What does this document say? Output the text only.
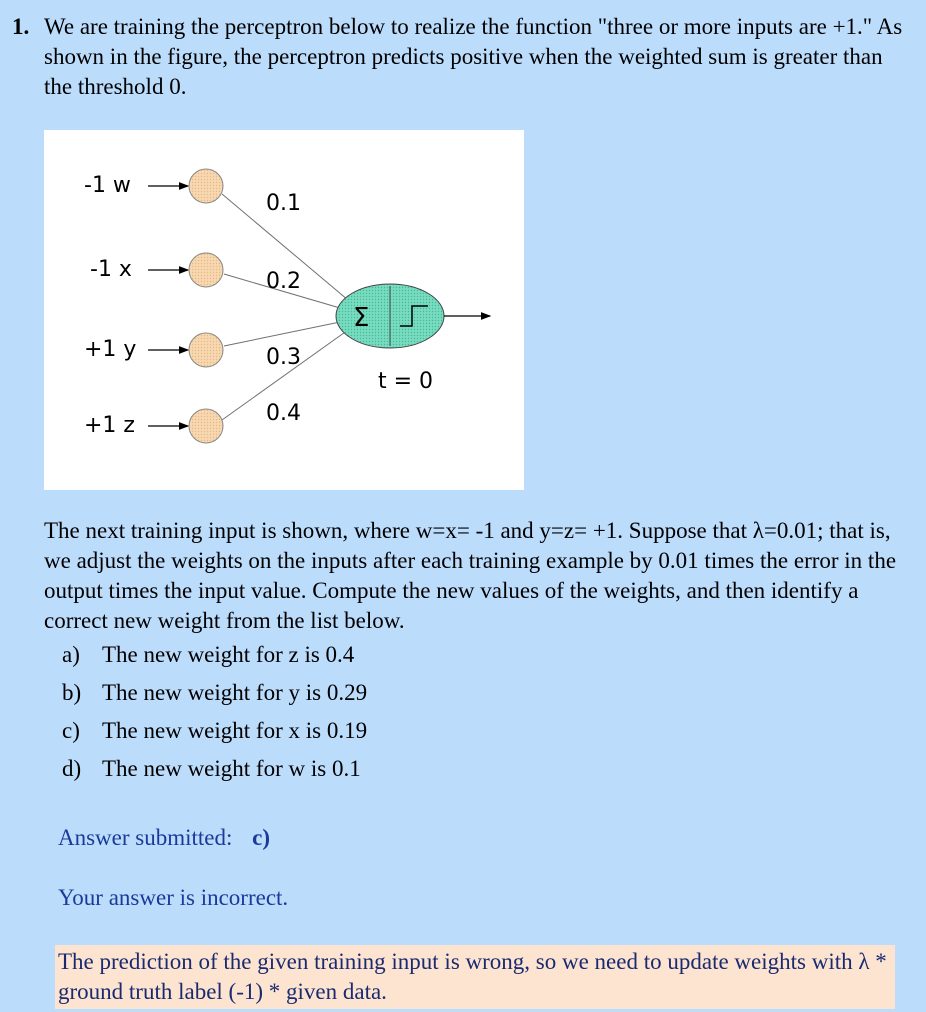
1. We are training the perceptron below to realize the function "three or more inputs are +1." As shown in the figure, the perceptron predicts positive when the weighted sum is greater than the threshold 0.
-1 w
-1 x
+1 y
+1 z
0.1
0.2
0.3
0.4
Σ
t = 0
The next training input is shown, where w=x= -1 and y=z= +1. Suppose that λ=0.01; that is, we adjust the weights on the inputs after each training example by 0.01 times the error in the output times the input value. Compute the new values of the weights, and then identify a correct new weight from the list below.
a) The new weight for z is 0.4
b) The new weight for y is 0.29
c) The new weight for x is 0.19
d) The new weight for w is 0.1
Answer submitted: c)
Your answer is incorrect.
The prediction of the given training input is wrong, so we need to update weights with λ * ground truth label (-1) * given data.
